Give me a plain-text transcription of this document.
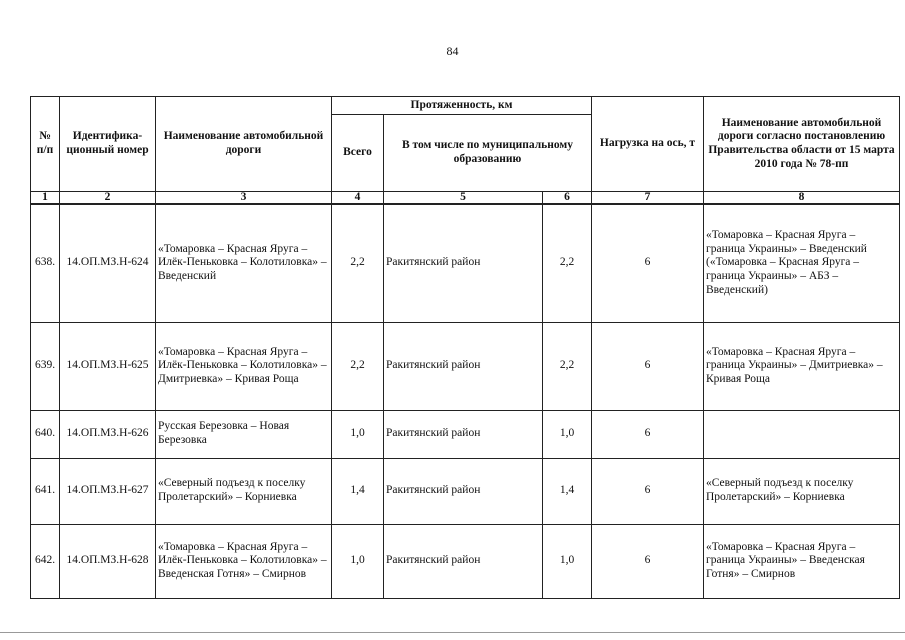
84
№ п/п	Идентифика-ционный номер	Наименование автомобильной дороги	Протяженность, км			Нагрузка на ось, т	Наименование автомобильной дороги согласно постановлению Правительства области от 15 марта 2010 года № 78-пп
			Всего	В том числе по муниципальному образованию			
1	2	3	4	5	6	7	8
638.	14.ОП.МЗ.Н-624	«Томаровка – Красная Яруга – Илёк-Пеньковка – Колотиловка» – Введенский	2,2	Ракитянский район	2,2	6	«Томаровка – Красная Яруга – граница Украины» – Введенский («Томаровка – Красная Яруга – граница Украины» – АБЗ – Введенский)
639.	14.ОП.МЗ.Н-625	«Томаровка – Красная Яруга – Илёк-Пеньковка – Колотиловка» – Дмитриевка» – Кривая Роща	2,2	Ракитянский район	2,2	6	«Томаровка – Красная Яруга – граница Украины» – Дмитриевка» – Кривая Роща
640.	14.ОП.МЗ.Н-626	Русская Березовка – Новая Березовка	1,0	Ракитянский район	1,0	6	
641.	14.ОП.МЗ.Н-627	«Северный подъезд к поселку Пролетарский» – Корниевка	1,4	Ракитянский район	1,4	6	«Северный подъезд к поселку Пролетарский» – Корниевка
642.	14.ОП.МЗ.Н-628	«Томаровка – Красная Яруга – Илёк-Пеньковка – Колотиловка» – Введенская Готня» – Смирнов	1,0	Ракитянский район	1,0	6	«Томаровка – Красная Яруга – граница Украины» – Введенская Готня» – Смирнов
